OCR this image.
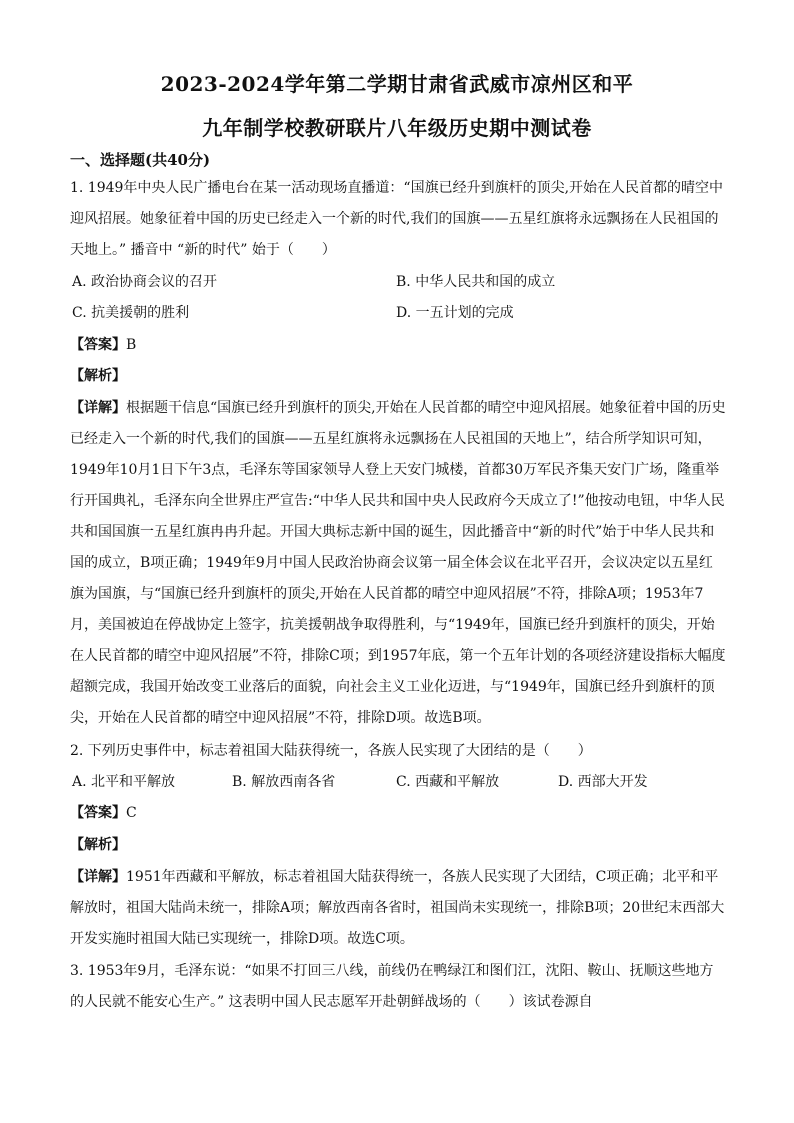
2023-2024学年第二学期甘肃省武威市凉州区和平
九年制学校教研联片八年级历史期中测试卷
一、选择题(共40分)
1. 1949年中央人民广播电台在某一活动现场直播道：“国旗已经升到旗杆的顶尖,开始在人民首都的晴空中迎风招展。她象征着中国的历史已经走入一个新的时代,我们的国旗——五星红旗将永远飘扬在人民祖国的天地上。” 播音中 “新的时代” 始于（　　）
A. 政治协商会议的召开	B. 中华人民共和国的成立
C. 抗美援朝的胜利	D. 一五计划的完成
【答案】B
【解析】
【详解】根据题干信息“国旗已经升到旗杆的顶尖,开始在人民首都的晴空中迎风招展。她象征着中国的历史已经走入一个新的时代,我们的国旗——五星红旗将永远飘扬在人民祖国的天地上”，结合所学知识可知，1949年10月1日下午3点，毛泽东等国家领导人登上天安门城楼，首都30万军民齐集天安门广场，隆重举行开国典礼，毛泽东向全世界庄严宣告:“中华人民共和国中央人民政府今天成立了!”他按动电钮，中华人民共和国国旗一五星红旗冉冉升起。开国大典标志新中国的诞生，因此播音中“新的时代”始于中华人民共和国的成立，B项正确；1949年9月中国人民政治协商会议第一届全体会议在北平召开，会议决定以五星红旗为国旗，与“国旗已经升到旗杆的顶尖,开始在人民首都的晴空中迎风招展”不符，排除A项；1953年7月，美国被迫在停战协定上签字，抗美援朝战争取得胜利，与“1949年，国旗已经升到旗杆的顶尖，开始在人民首都的晴空中迎风招展”不符，排除C项；到1957年底，第一个五年计划的各项经济建设指标大幅度超额完成，我国开始改变工业落后的面貌，向社会主义工业化迈进，与“1949年，国旗已经升到旗杆的顶尖，开始在人民首都的晴空中迎风招展”不符，排除D项。故选B项。
2. 下列历史事件中，标志着祖国大陆获得统一，各族人民实现了大团结的是（　　）
A. 北平和平解放	B. 解放西南各省	C. 西藏和平解放	D. 西部大开发
【答案】C
【解析】
【详解】1951年西藏和平解放，标志着祖国大陆获得统一，各族人民实现了大团结，C项正确；北平和平解放时，祖国大陆尚未统一，排除A项；解放西南各省时，祖国尚未实现统一，排除B项；20世纪末西部大开发实施时祖国大陆已实现统一，排除D项。故选C项。
3. 1953年9月，毛泽东说：“如果不打回三八线，前线仍在鸭绿江和图们江，沈阳、鞍山、抚顺这些地方的人民就不能安心生产。” 这表明中国人民志愿军开赴朝鲜战场的（　　）该试卷源自
